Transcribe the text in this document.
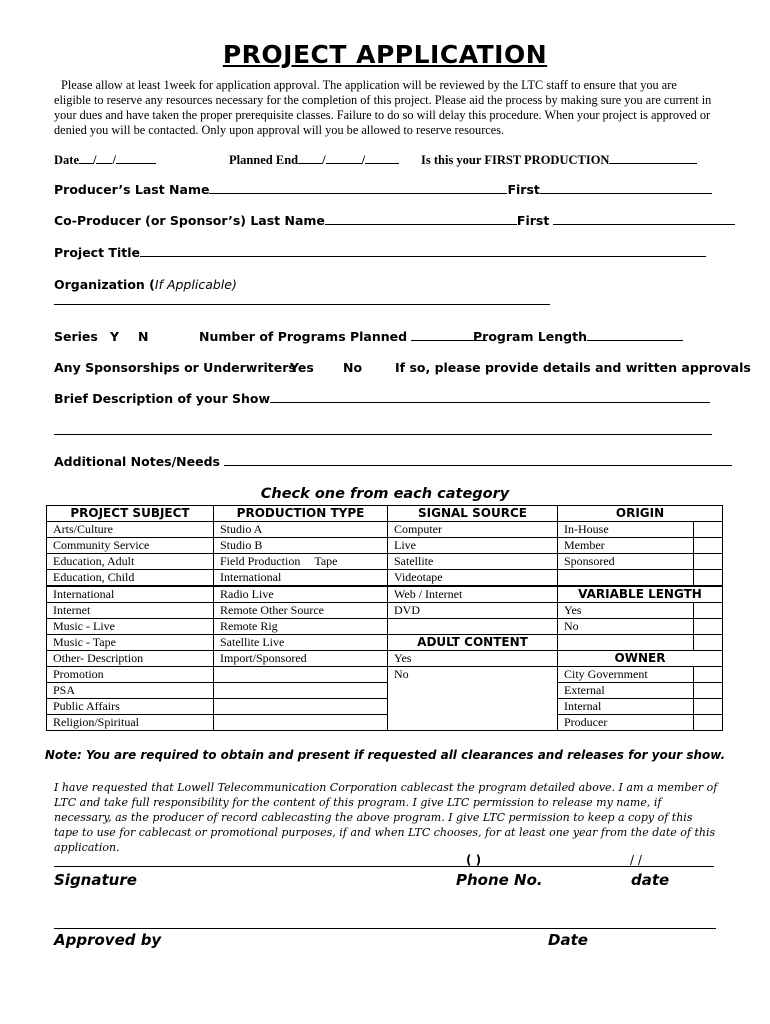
PROJECT APPLICATION
Please allow at least 1week for application approval. The application will be reviewed by the LTC staff to ensure that you are eligible to reserve any resources necessary for the completion of this project. Please aid the process by making sure you are current in your dues and have taken the proper prerequisite classes. Failure to do so will delay this procedure. When your project is approved or denied you will be contacted. Only upon approval will you be allowed to reserve resources.
Date / /	Planned End /	/	Is this your FIRST PRODUCTION
Producer’s Last Name	First
Co-Producer (or Sponsor’s) Last Name	First
Project Title
Organization (If Applicable)
Series Y N	Number of Programs Planned	Program Length
Any Sponsorships or Underwriters
Yes No	If so, please provide details and written approvals
Brief Description of your Show
Additional Notes/Needs
Check one from each category
PROJECT SUBJECT	PRODUCTION TYPE	SIGNAL SOURCE	ORIGIN	
Arts/Culture	Studio A	Computer	In-House	
Community Service	Studio B	Live	Member	
Education, Adult	Field Production Tape	Satellite	Sponsored	
Education, Child	International	Videotape		
International	Radio Live	Web / Internet	VARIABLE LENGTH	
Internet	Remote Other Source	DVD	Yes	
Music - Live	Remote Rig		No	
Music - Tape	Satellite Live	ADULT CONTENT		
Other- Description	Import/Sponsored	Yes	OWNER	
Promotion		No	City Government	
PSA			External	
Public Affairs			Internal	
Religion/Spiritual			Producer	
Note: You are required to obtain and present if requested all clearances and releases for your show.
I have requested that Lowell Telecommunication Corporation cablecast the program detailed above. I am a member of LTC and take full responsibility for the content of this program. I give LTC permission to release my name, if necessary, as the producer of record cablecasting the above program. I give LTC permission to keep a copy of this tape to use for cablecast or promotional purposes, if and when LTC chooses, for at least one year from the date of this application.
( )	/ /
Signature	Phone No.	date
Approved by	Date
